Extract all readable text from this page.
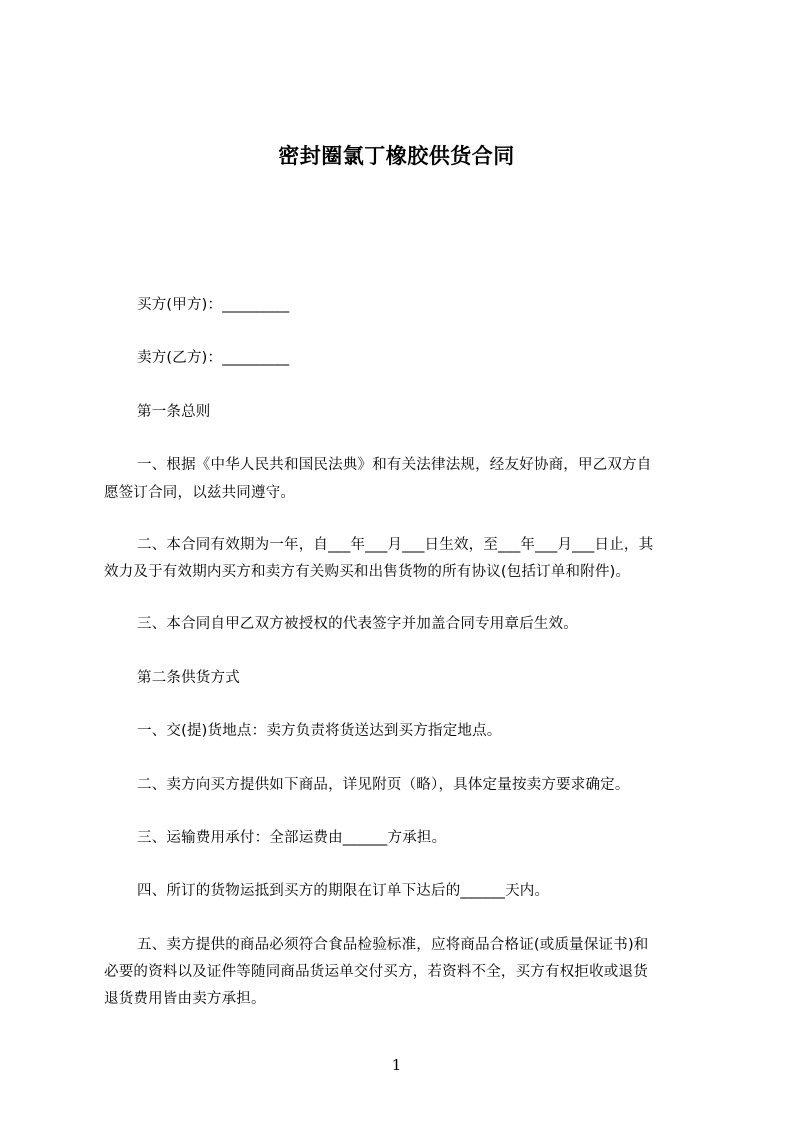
密封圈氯丁橡胶供货合同
买方(甲方)：_________
卖方(乙方)：_________
第一条总则
一、根据《中华人民共和国民法典》和有关法律法规，经友好协商，甲乙双方自
愿签订合同，以兹共同遵守。
二、本合同有效期为一年，自___年___月___日生效，至___年___月___日止，其
效力及于有效期内买方和卖方有关购买和出售货物的所有协议(包括订单和附件)。
三、本合同自甲乙双方被授权的代表签字并加盖合同专用章后生效。
第二条供货方式
一、交(提)货地点：卖方负责将货送达到买方指定地点。
二、卖方向买方提供如下商品，详见附页（略），具体定量按卖方要求确定。
三、运输费用承付：全部运费由______方承担。
四、所订的货物运抵到买方的期限在订单下达后的______天内。
五、卖方提供的商品必须符合食品检验标准，应将商品合格证(或质量保证书)和
必要的资料以及证件等随同商品货运单交付买方，若资料不全，买方有权拒收或退货
退货费用皆由卖方承担。
1
